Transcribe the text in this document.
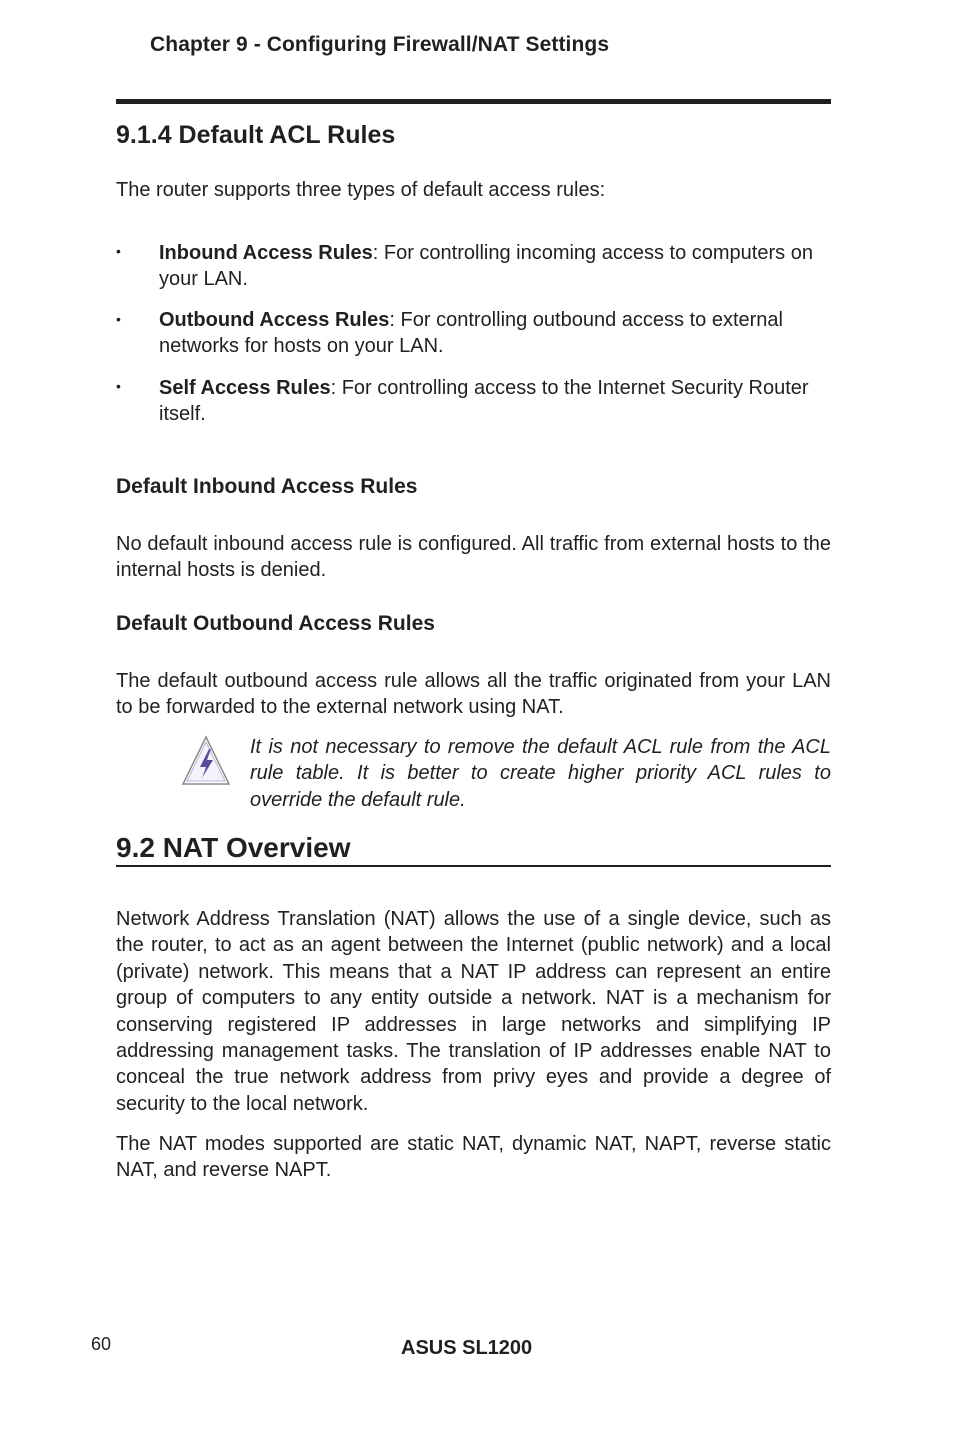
Chapter 9 - Configuring Firewall/NAT Settings
9.1.4 Default ACL Rules
The router supports three types of default access rules:
• Inbound Access Rules: For controlling incoming access to computers on your LAN.
• Outbound Access Rules: For controlling outbound access to external networks for hosts on your LAN.
• Self Access Rules: For controlling access to the Internet Security Router itself.
Default Inbound Access Rules
No default inbound access rule is configured. All traffic from external hosts to the internal hosts is denied.
Default Outbound Access Rules
The default outbound access rule allows all the traffic originated from your LAN to be forwarded to the external network using NAT.
It is not necessary to remove the default ACL rule from the ACL rule table. It is better to create higher priority ACL rules to override the default rule.
9.2 NAT Overview
Network Address Translation (NAT) allows the use of a single device, such as the router, to act as an agent between the Internet (public network) and a local (private) network. This means that a NAT IP address can represent an entire group of computers to any entity outside a network. NAT is a mechanism for conserving registered IP addresses in large networks and simplifying IP addressing management tasks. The translation of IP addresses enable NAT to conceal the true network address from privy eyes and provide a degree of security to the local network.
The NAT modes supported are static NAT, dynamic NAT, NAPT, reverse static NAT, and reverse NAPT.
60	ASUS SL1200
